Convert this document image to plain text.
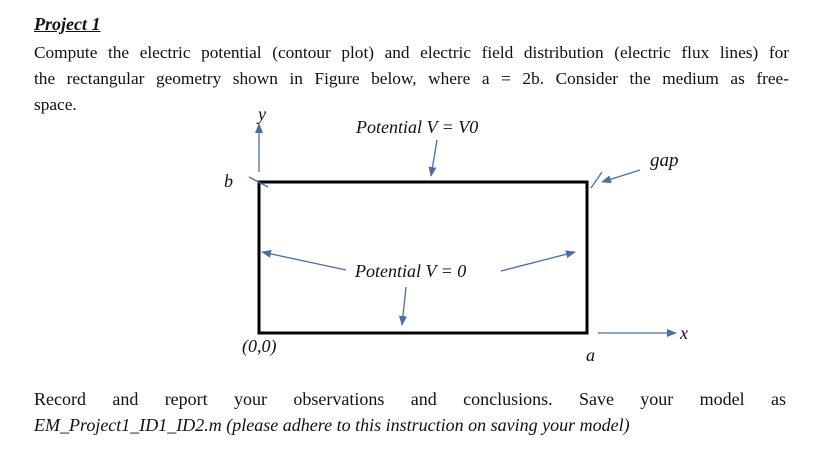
Project 1
Compute the electric potential (contour plot) and electric field distribution (electric flux lines) for
the rectangular geometry shown in Figure below, where a = 2b. Consider the medium as free-
space.	y
x
Potential V = V0
Potential V = 0
gap
b
(0,0)	a
Record and report your observations and conclusions. Save your model as
EM_Project1_ID1_ID2.m (please adhere to this instruction on saving your model)
